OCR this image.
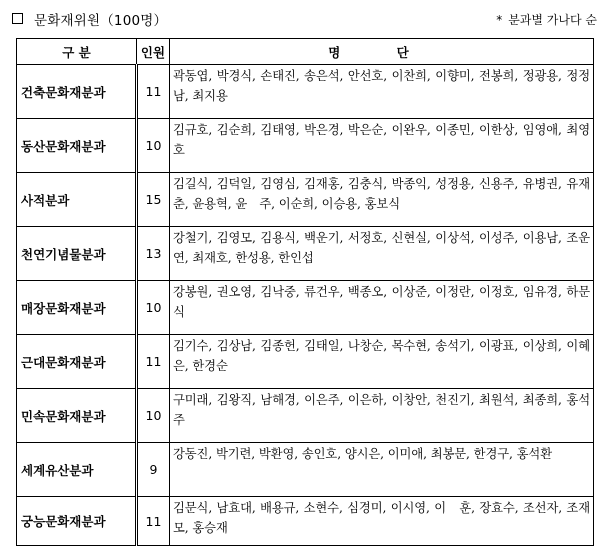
문화재위원（100명）	* 분과별 가나다 순
구 분	인원	명 단
건축문화재분과	11	곽동엽, 박경식, 손태진, 송은석, 안선호, 이찬희, 이향미, 전봉희, 정광용, 정정남, 최지용
동산문화재분과	10	김규호, 김순희, 김태영, 박은경, 박은순, 이완우, 이종민, 이한상, 임영애, 최영호
사적분과	15	김길식, 김덕일, 김영심, 김재홍, 김충식, 박종익, 성정용, 신용주, 유병권, 유재춘, 윤용혁, 윤　주, 이순희, 이승용, 홍보식
천연기념물분과	13	강철기, 김영모, 김용식, 백운기, 서정호, 신현실, 이상석, 이성주, 이용남, 조운연, 최재호, 한성용, 한인섭
매장문화재분과	10	강봉원, 권오영, 김낙중, 류건우, 백종오, 이상준, 이정란, 이정호, 임유경, 하문식
근대문화재분과	11	김기수, 김상남, 김종헌, 김태일, 나창순, 목수현, 송석기, 이광표, 이상희, 이혜은, 한경순
민속문화재분과	10	구미래, 김왕직, 남해경, 이은주, 이은하, 이창안, 천진기, 최원석, 최종희, 홍석주
세계유산분과	9	강동진, 박기련, 박환영, 송인호, 양시은, 이미애, 최봉문, 한경구, 홍석환
궁능문화재분과	11	김문식, 남효대, 배용규, 소현수, 심경미, 이시영, 이　훈, 장효수, 조선자, 조재모, 홍승재
